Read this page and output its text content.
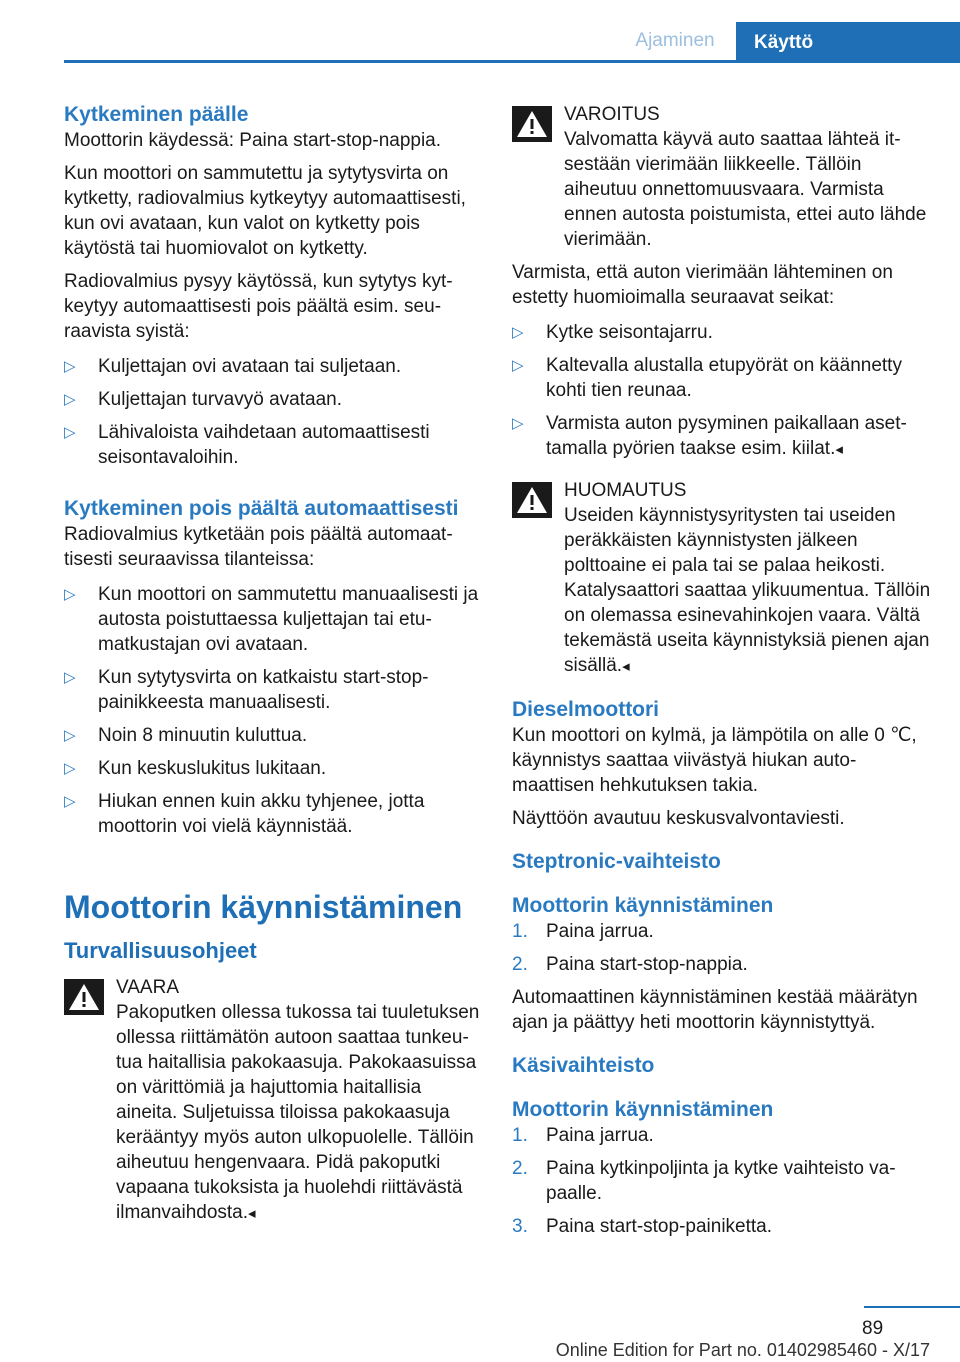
Ajaminen	Käyttö
Kytkeminen päälle

Moottorin käydessä: Paina start-stop-nappia.

Kun moottori on sammutettu ja sytytysvirta on kytketty, radiovalmius kytkeytyy automaattisesti, kun ovi avataan, kun valot on kytketty pois käytöstä tai huomiovalot on kytketty.

Radiovalmius pysyy käytössä, kun sytytys kytkeytyy automaattisesti pois päältä esim. seuraavista syistä:

▷ Kuljettajan ovi avataan tai suljetaan.
▷ Kuljettajan turvavyö avataan.
▷ Lähivaloista vaihdetaan automaattisesti seisontavaloihin.
Kytkeminen pois päältä automaattisesti

Radiovalmius kytketään pois päältä automaattisesti seuraavissa tilanteissa:

▷ Kun moottori on sammutettu manuaalisesti ja autosta poistuttaessa kuljettajan tai etumatkustajan ovi avataan.
▷ Kun sytytysvirta on katkaistu start-stop-painikkeesta manuaalisesti.
▷ Noin 8 minuutin kuluttua.
▷ Kun keskuslukitus lukitaan.
▷ Hiukan ennen kuin akku tyhjenee, jotta moottorin voi vielä käynnistää.
Moottorin käynnistäminen
Turvallisuusohjeet

VAARA

Pakoputken ollessa tukossa tai tuuletuksen ollessa riittämätön autoon saattaa tunkeutua haitallisia pakokaasuja. Pakokaasuissa on värittömiä ja hajuttomia haitallisia aineita. Suljetuissa tiloissa pakokaasuja kerääntyy myös auton ulkopuolelle. Tällöin aiheutuu hengenvaara. Pidä pakoputki vapaana tukoksista ja huolehdi riittävästä ilmanvaihdosta.◂

VAROITUS

Valvomatta käyvä auto saattaa lähteä itsestään vierimään liikkeelle. Tällöin aiheutuu onnettomuusvaara. Varmista ennen autosta poistumista, ettei auto lähde vierimään.

Varmista, että auton vierimään lähteminen on estetty huomioimalla seuraavat seikat:

▷ Kytke seisontajarru.
▷ Kaltevalla alustalla etupyörät on käännetty kohti tien reunaa.
▷ Varmista auton pysyminen paikallaan asettamalla pyörien taakse esim. kiilat.◂

HUOMAUTUS

Useiden käynnistysyritysten tai useiden peräkkäisten käynnistysten jälkeen polttoaine ei pala tai se palaa heikosti. Katalysaattori saattaa ylikuumentua. Tällöin on olemassa esinevahinkojen vaara. Vältä tekemästä useita käynnistyksiä pienen ajan sisällä.◂

Dieselmoottori

Kun moottori on kylmä, ja lämpötila on alle 0 ℃, käynnistys saattaa viivästyä hiukan automaattisen hehkutuksen takia.

Näyttöön avautuu keskusvalvontaviesti.

Steptronic-vaihteisto
Moottorin käynnistäminen
1. Paina jarrua.
2. Paina start-stop-nappia.

Automaattinen käynnistäminen kestää määrätyn ajan ja päättyy heti moottorin käynnistyttyä.

Käsivaihteisto
Moottorin käynnistäminen
1. Paina jarrua.
2. Paina kytkinpoljinta ja kytke vaihteisto vapaalle.
3. Paina start-stop-painiketta.
89
Online Edition for Part no. 01402985460 - X/17
